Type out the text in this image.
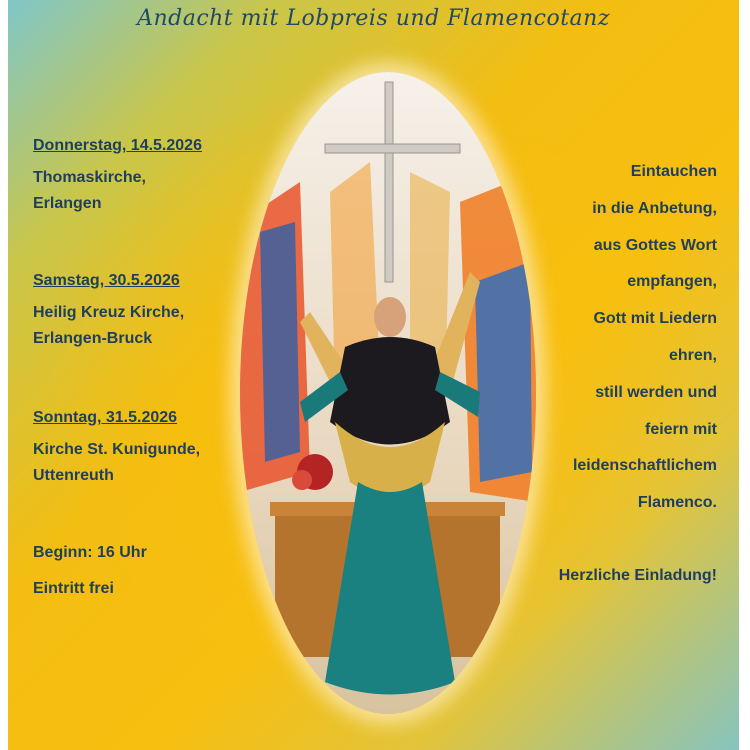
Andacht mit Lobpreis und Flamencotanz
Donnerstag, 14.5.2026
Thomaskirche,
Erlangen
Samstag, 30.5.2026
Heilig Kreuz Kirche,
Erlangen-Bruck
Sonntag, 31.5.2026
Kirche St. Kunigunde,
Uttenreuth
Beginn: 16 Uhr
Eintritt frei
Eintauchen
in die Anbetung,
aus Gottes Wort
empfangen,
Gott mit Liedern
ehren,
still werden und
feiern mit
leidenschaftlichem
Flamenco.
Herzliche Einladung!
